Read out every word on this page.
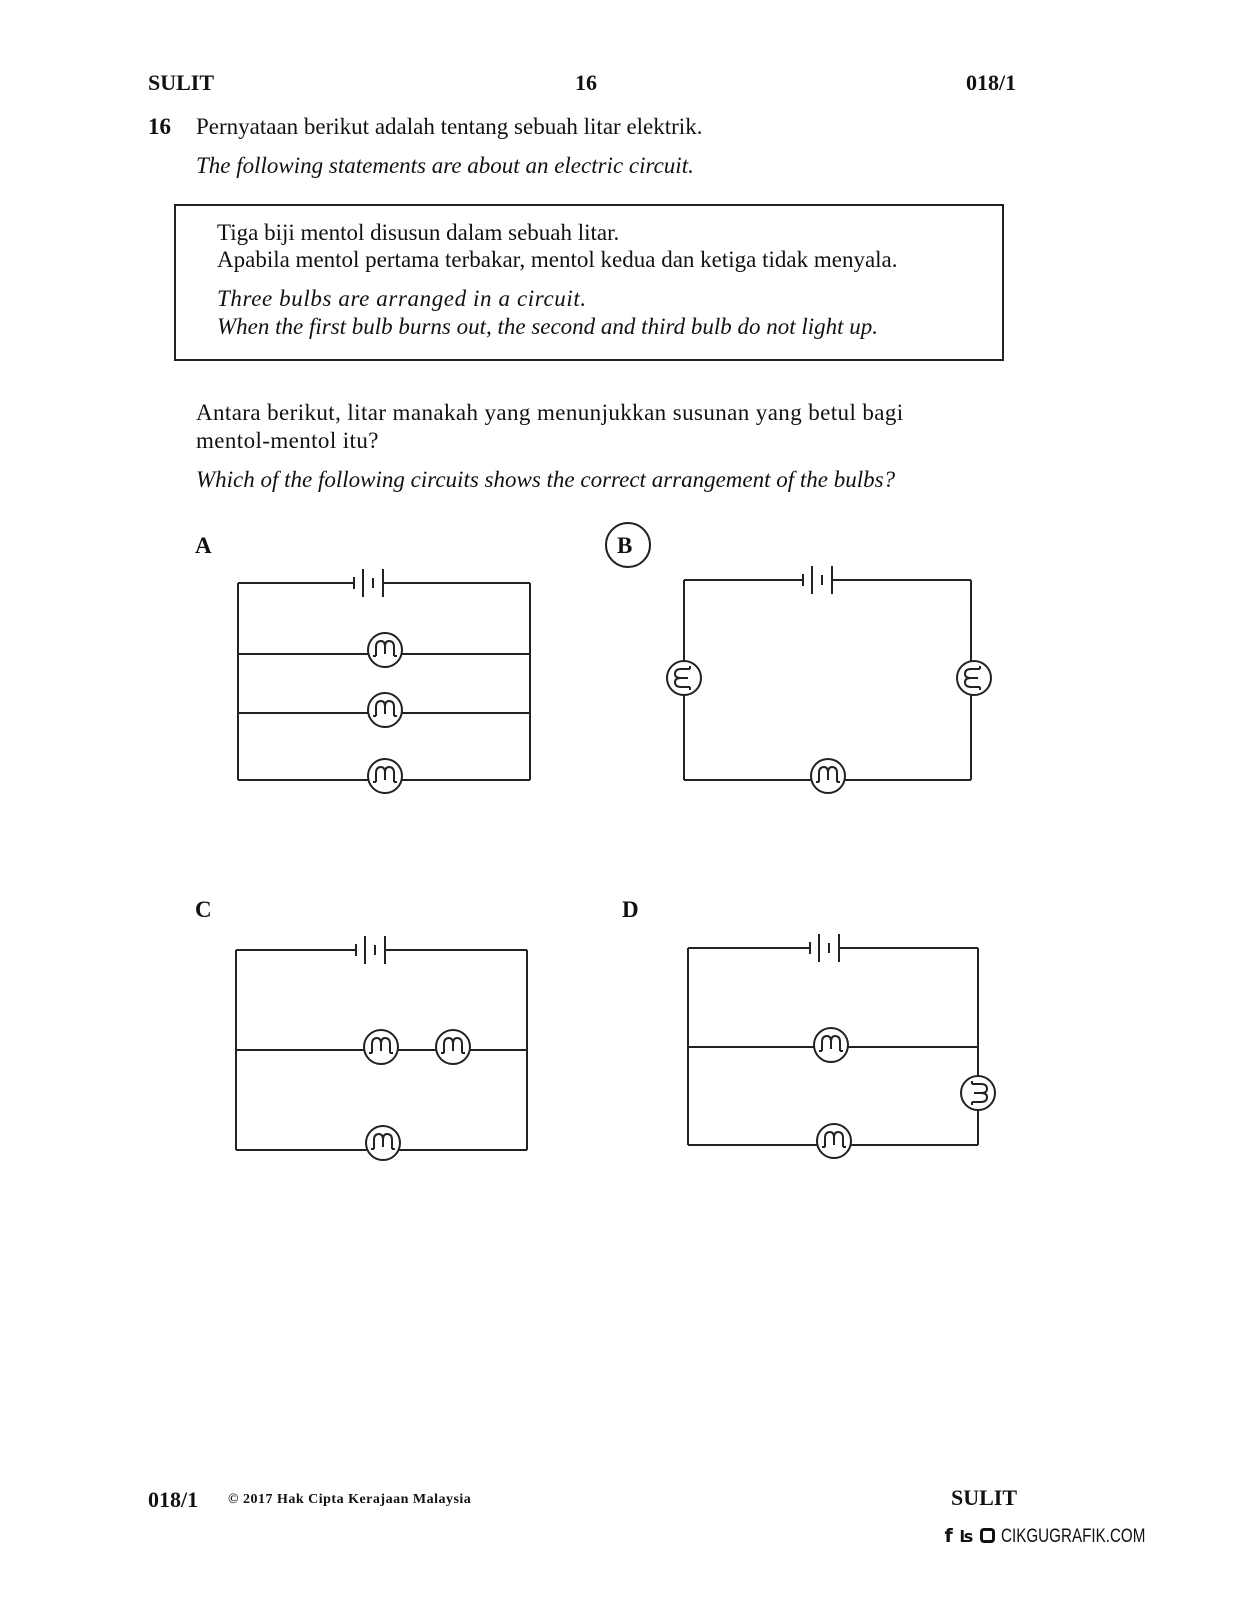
SULIT	16	018/1
16 Pernyataan berikut adalah tentang sebuah litar elektrik.
The following statements are about an electric circuit.
Tiga biji mentol disusun dalam sebuah litar.
Apabila mentol pertama terbakar, mentol kedua dan ketiga tidak menyala.
Three bulbs are arranged in a circuit.
When the first bulb burns out, the second and third bulb do not light up.
Antara berikut, litar manakah yang menunjukkan susunan yang betul bagi
mentol-mentol itu?
Which of the following circuits shows the correct arrangement of the bulbs?
A	B
C	D
018/1 © 2017 Hak Cipta Kerajaan Malaysia	SULIT
f ʪ CIKGUGRAFIK.COM
